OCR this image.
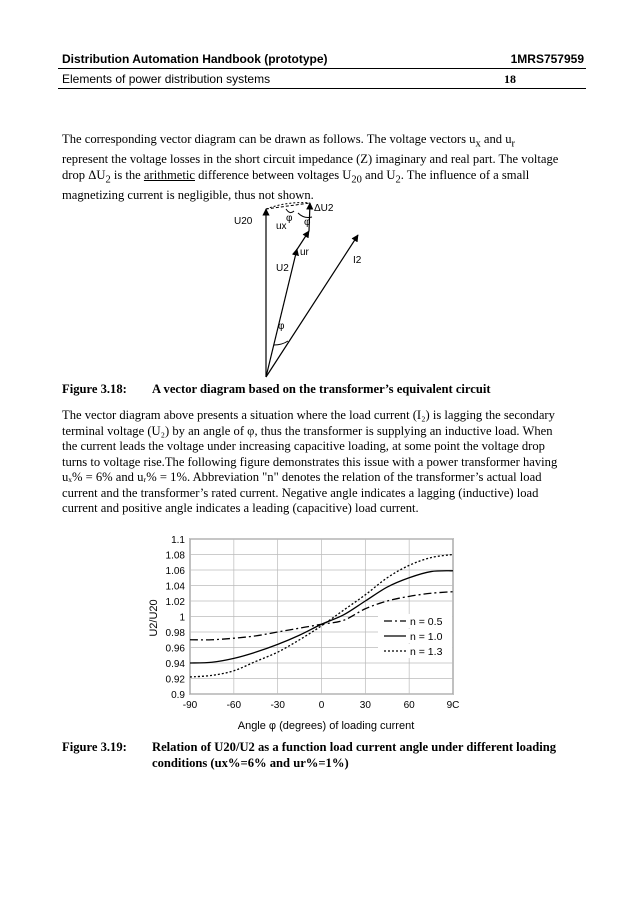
Distribution Automation Handbook (prototype)	1MRS757959
Elements of power distribution systems	18

The corresponding vector diagram can be drawn as follows. The voltage vectors $u_x$ and $u_r$ represent the voltage losses in the short circuit impedance (Z) imaginary and real part. The voltage drop $\Delta U_2$ is the arithmetic difference between voltages $U_{20}$ and $U_2$. The influence of a small magnetizing current is negligible, thus not shown.

U20 ux
ur
U2
I2
ΔU2
φ
φ
φ
Figure 3.18: A vector diagram based on the transformer’s equivalent circuit

The vector diagram above presents a situation where the load current (I₂) is lagging the secondary terminal voltage (U₂) by an angle of φ, thus the transformer is supplying an inductive load. When the current leads the voltage under increasing capacitive loading, at some point the voltage drop turns to voltage rise.The following figure demonstrates this issue with a power transformer having uₓ% = 6% and uᵣ% = 1%. Abbreviation "n" denotes the relation of the transformer’s actual load current and the transformer’s rated current. Negative angle indicates a lagging (inductive) load current and positive angle indicates a leading (capacitive) load current.

0.9
0.92
0.94
0.96
0.98
1
1.02
1.04
1.06
1.08
1.1
-90	-60	-30	0	30	60	9C
n = 0.5
n = 1.0
n = 1.3
Angle φ (degrees) of loading current
U2/U20
Figure 3.19: Relation of U20/U2 as a function load current angle under different loading conditions (ux%=6% and ur%=1%)
